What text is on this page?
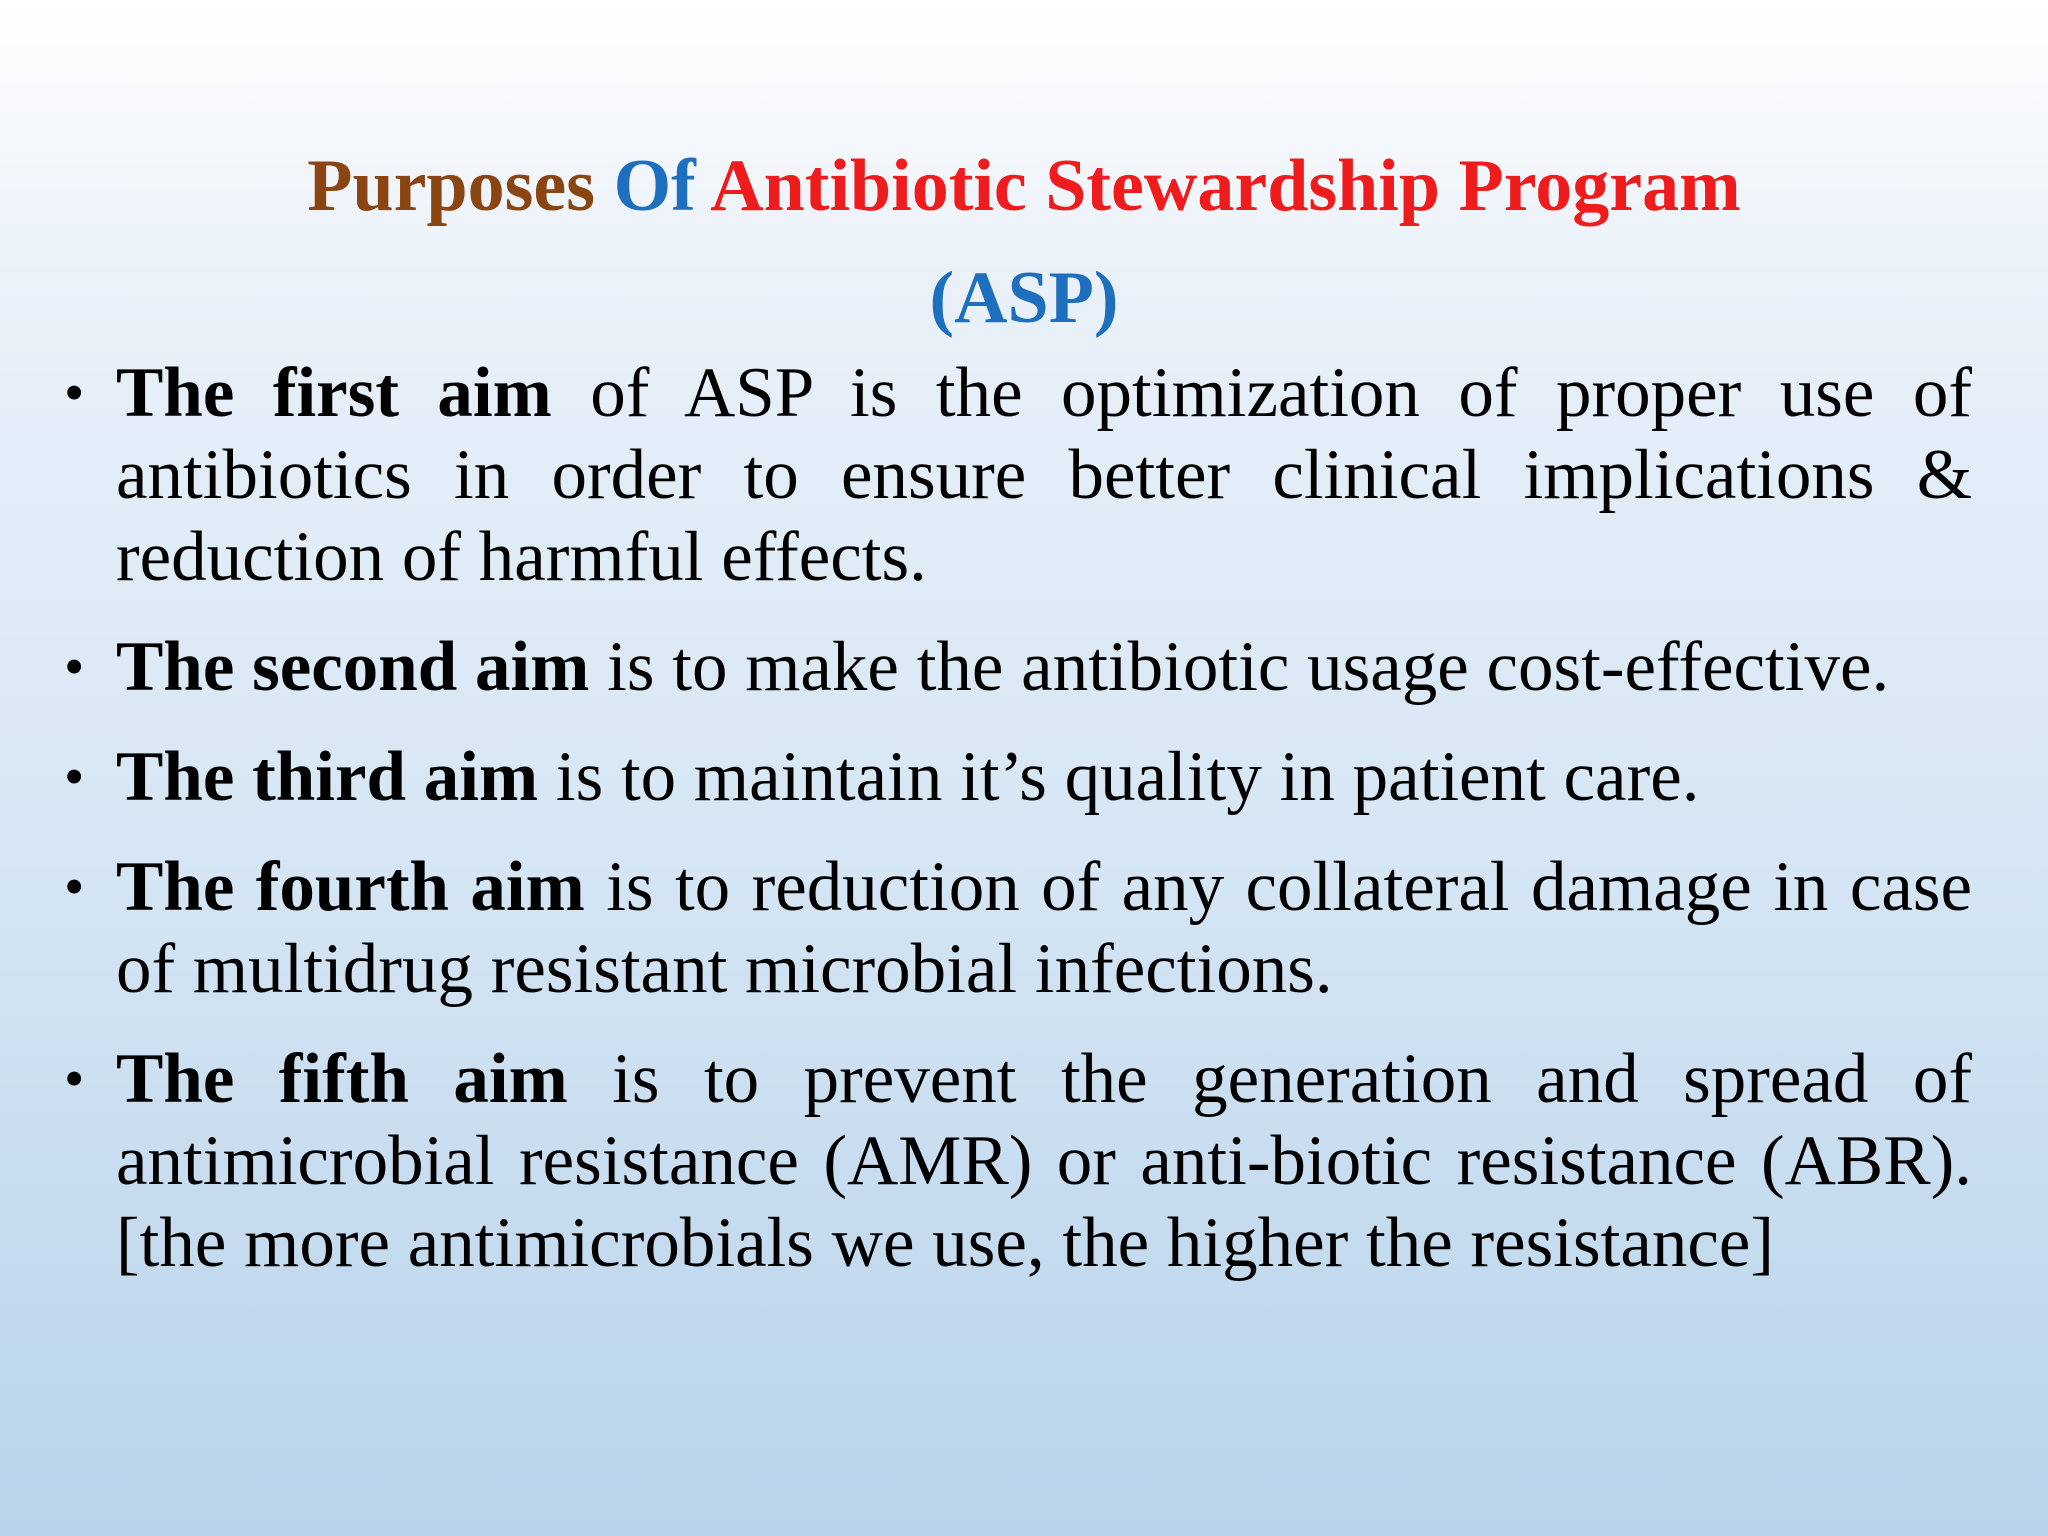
Purposes Of Antibiotic Stewardship Program
(ASP)
• The first aim of ASP is the optimization of proper use of antibiotics in order to ensure better clinical implications & reduction of harmful effects.
• The second aim is to make the antibiotic usage cost-effective.
• The third aim is to maintain it’s quality in patient care.
• The fourth aim is to reduction of any collateral damage in case of multidrug resistant microbial infections.
• The fifth aim is to prevent the generation and spread of antimicrobial resistance (AMR) or anti-biotic resistance (ABR). [the more antimicrobials we use, the higher the resistance]
